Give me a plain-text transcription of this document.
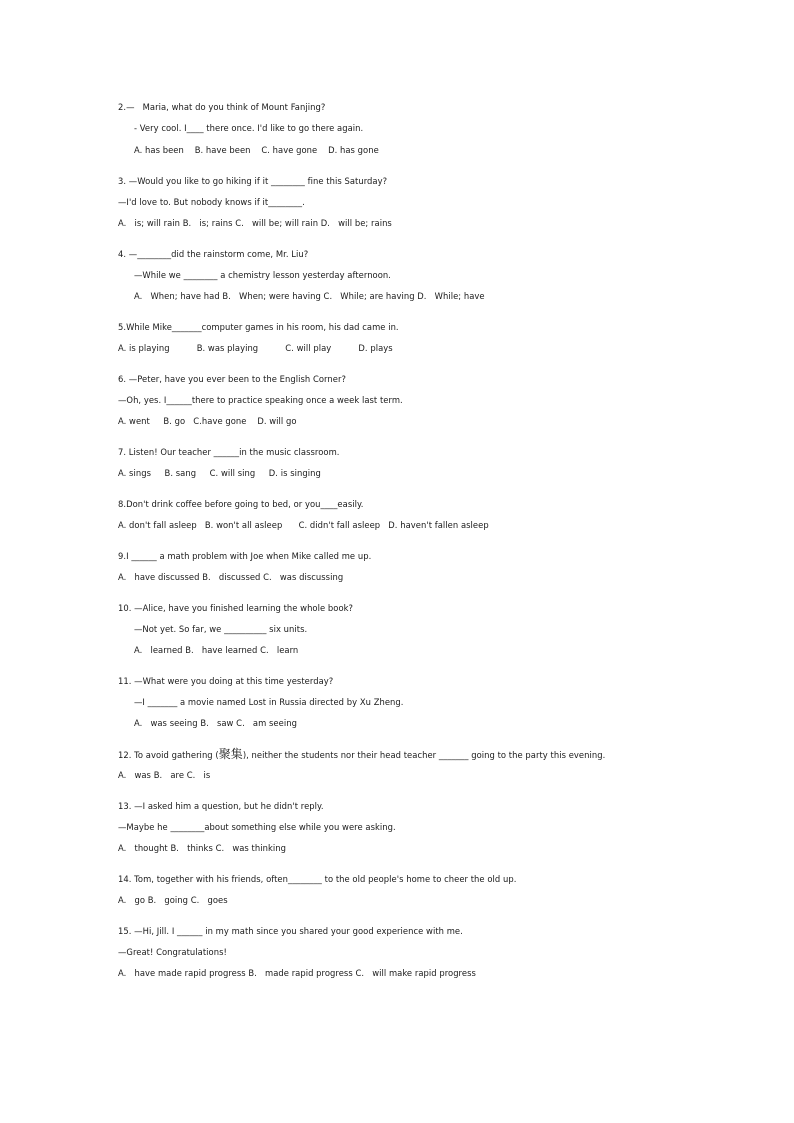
2.—   Maria, what do you think of Mount Fanjing?
- Very cool. I____ there once. I'd like to go there again.
A. has been    B. have been    C. have gone    D. has gone
3. —Would you like to go hiking if it ________ fine this Saturday?
—I'd love to. But nobody knows if it________.
A.   is; will rain B.   is; rains C.   will be; will rain D.   will be; rains
4. —________did the rainstorm come, Mr. Liu?
—While we ________ a chemistry lesson yesterday afternoon.
A.   When; have had B.   When; were having C.   While; are having D.   While; have
5.While Mike_______computer games in his room, his dad came in.
A. is playing          B. was playing          C. will play          D. plays
6. —Peter, have you ever been to the English Corner?
—Oh, yes. I______there to practice speaking once a week last term.
A. went     B. go   C.have gone    D. will go
7. Listen! Our teacher ______in the music classroom.
A. sings     B. sang     C. will sing     D. is singing
8.Don't drink coffee before going to bed, or you____easily.
A. don't fall asleep   B. won't all asleep      C. didn't fall asleep   D. haven't fallen asleep
9.I ______ a math problem with Joe when Mike called me up.
A.   have discussed B.   discussed C.   was discussing
10. —Alice, have you finished learning the whole book?
—Not yet. So far, we __________ six units.
A.   learned B.   have learned C.   learn
11. —What were you doing at this time yesterday?
—I _______ a movie named Lost in Russia directed by Xu Zheng.
A.   was seeing B.   saw C.   am seeing
12. To avoid gathering (聚集), neither the students nor their head teacher _______ going to the party this evening.
A.   was B.   are C.   is
13. —I asked him a question, but he didn't reply.
—Maybe he ________about something else while you were asking.
A.   thought B.   thinks C.   was thinking
14. Tom, together with his friends, often________ to the old people's home to cheer the old up.
A.   go B.   going C.   goes
15. —Hi, Jill. I ______ in my math since you shared your good experience with me.
—Great! Congratulations!
A.   have made rapid progress B.   made rapid progress C.   will make rapid progress
